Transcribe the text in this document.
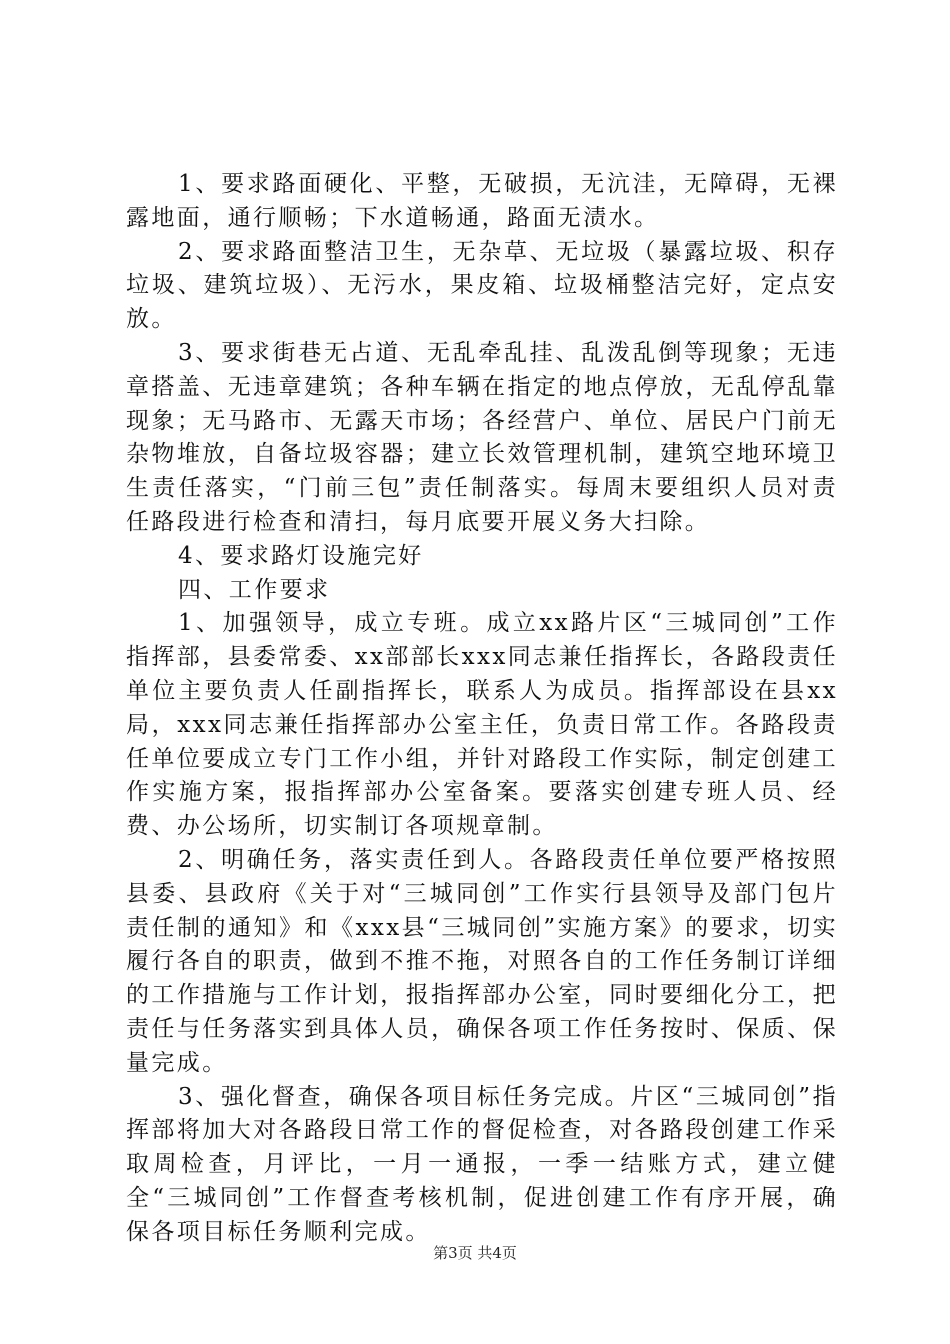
1、要求路面硬化、平整，无破损，无沆洼，无障碍，无裸露地面，通行顺畅；下水道畅通，路面无渍水。

2、要求路面整洁卫生，无杂草、无垃圾（暴露垃圾、积存垃圾、建筑垃圾）、无污水，果皮箱、垃圾桶整洁完好，定点安放。

3、要求街巷无占道、无乱牵乱挂、乱泼乱倒等现象；无违章搭盖、无违章建筑；各种车辆在指定的地点停放，无乱停乱靠现象；无马路市、无露天市场；各经营户、单位、居民户门前无杂物堆放，自备垃圾容器；建立长效管理机制，建筑空地环境卫生责任落实，“门前三包”责任制落实。每周末要组织人员对责任路段进行检查和清扫，每月底要开展义务大扫除。

4、要求路灯设施完好

四、工作要求

1、加强领导，成立专班。成立xx路片区“三城同创”工作指挥部，县委常委、xx部部长xxx同志兼任指挥长，各路段责任单位主要负责人任副指挥长，联系人为成员。指挥部设在县xx局，xxx同志兼任指挥部办公室主任，负责日常工作。各路段责任单位要成立专门工作小组，并针对路段工作实际，制定创建工作实施方案，报指挥部办公室备案。要落实创建专班人员、经费、办公场所，切实制订各项规章制。

2、明确任务，落实责任到人。各路段责任单位要严格按照县委、县政府《关于对“三城同创”工作实行县领导及部门包片责任制的通知》和《xxx县“三城同创”实施方案》的要求，切实履行各自的职责，做到不推不拖，对照各自的工作任务制订详细的工作措施与工作计划，报指挥部办公室，同时要细化分工，把责任与任务落实到具体人员，确保各项工作任务按时、保质、保量完成。

3、强化督查，确保各项目标任务完成。片区“三城同创”指挥部将加大对各路段日常工作的督促检查，对各路段创建工作采取周检查，月评比，一月一通报，一季一结账方式，建立健全“三城同创”工作督查考核机制，促进创建工作有序开展，确保各项目标任务顺利完成。

第3页 共4页
